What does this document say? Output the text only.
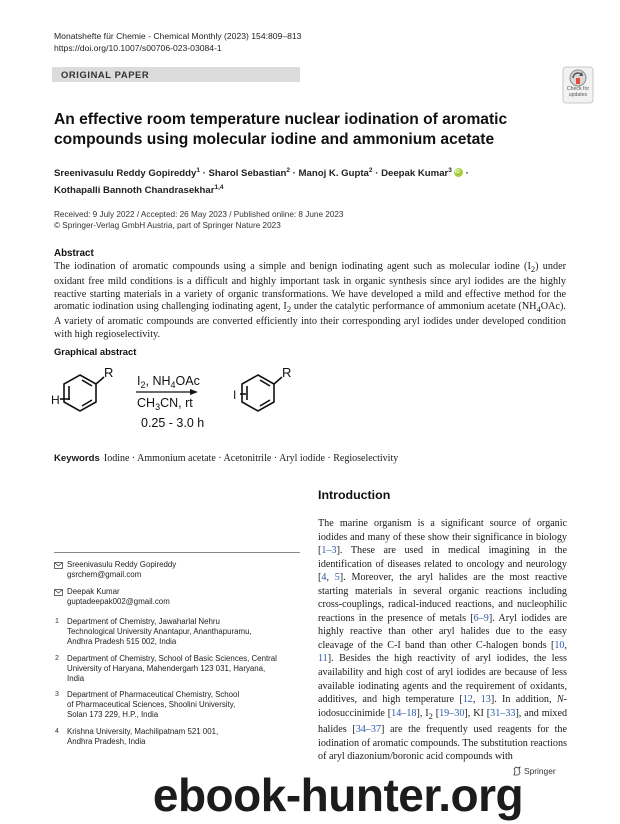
Monatshefte für Chemie - Chemical Monthly (2023) 154:809–813
https://doi.org/10.1007/s00706-023-03084-1
ORIGINAL PAPER
Check for
updates
An effective room temperature nuclear iodination of aromatic
compounds using molecular iodine and ammonium acetate
Sreenivasulu Reddy Gopireddy$^1$ · Sharol Sebastian$^2$ · Manoj K. Gupta$^2$ · Deepak Kumar$^3$ iD ·
Kothapalli Bannoth Chandrasekhar$^{1,4}$
Received: 9 July 2022 / Accepted: 26 May 2023 / Published online: 8 June 2023
© Springer-Verlag GmbH Austria, part of Springer Nature 2023
Abstract
The iodination of aromatic compounds using a simple and benign iodinating agent such as molecular iodine $(I_2)$ under oxidant free mild conditions is a difficult and highly important task in organic synthesis since aryl iodides are the highly reactive starting materials in a variety of organic transformations. We have developed a mild and effective method for the aromatic iodination using challenging iodinating agent, $I_2$ under the catalytic performance of ammonium acetate $(NH_4OAc)$. A variety of aromatic compounds are converted efficiently into their corresponding aryl iodides under developed condition with high regioselectivity.
Graphical abstract
R
H
$I_2$, $NH_4OAc$
$CH_3CN$, rt
0.25 - 3.0 h
R
I
Keywords Iodine · Ammonium acetate · Acetonitrile · Aryl iodide · Regioselectivity
Sreenivasulu Reddy Gopireddy
gsrchem@gmail.com
Deepak Kumar
guptadeepak002@gmail.com
1 Department of Chemistry, Jawaharlal Nehru
Technological University Anantapur, Ananthapuramu,
Andhra Pradesh 515 002, India
2 Department of Chemistry, School of Basic Sciences, Central
University of Haryana, Mahendergarh 123 031, Haryana,
India
3 Department of Pharmaceutical Chemistry, School
of Pharmaceutical Sciences, Shoolini University,
Solan 173 229, H.P., India
4 Krishna University, Machilipatnam 521 001,
Andhra Pradesh, India
Introduction
The marine organism is a significant source of organic iodides and many of these show their significance in biology [1–3]. These are used in medical imagining in the identification of diseases related to oncology and neurology [4, 5]. Moreover, the aryl halides are the most reactive starting materials in several organic reactions including cross-couplings, radical-induced reactions, and nucleophilic reactions in the presence of metals [6–9]. Aryl iodides are highly reactive than other aryl halides due to the easy cleavage of the C-I band than other C-halogen bonds [10, 11]. Besides the high reactivity of aryl iodides, the less availability and high cost of aryl iodides are because of less available iodinating agents and the requirement of oxidants, additives, and high temperature [12, 13]. In addition, N-iodosuccinimide [14–18], $I_2$ [19–30], KI [31–33], and mixed halides [34–37] are the frequently used reagents for the iodination of aromatic compounds. The substitution reactions of aryl diazonium/boronic acid compounds with
Springer
ebook-hunter.org
